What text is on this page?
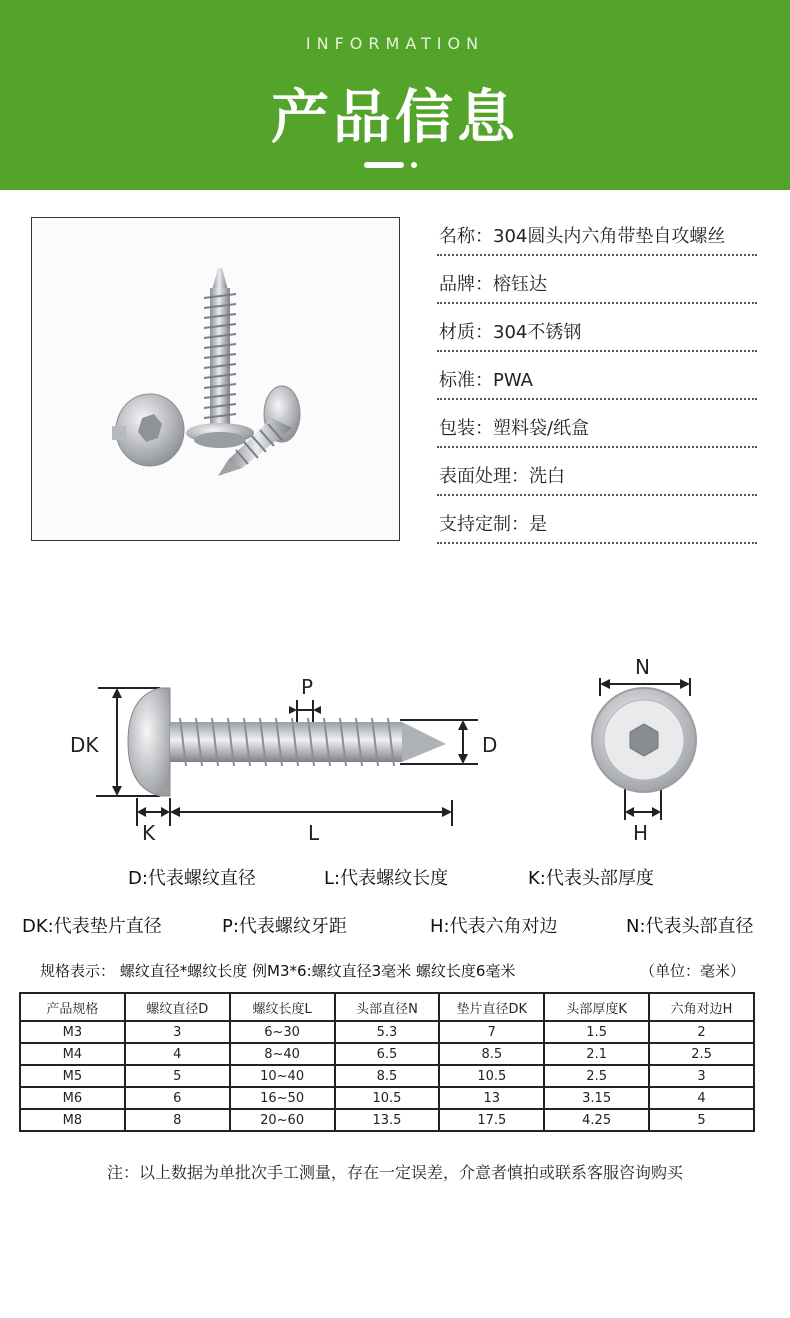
INFORMATION
产品信息
名称：304圆头内六角带垫自攻螺丝
品牌：榕钰达
材质：304不锈钢
标准：PWA
包装：塑料袋/纸盒
表面处理：洗白
支持定制：是
DK
P
D
K	L
N
H
D:代表螺纹直径	L:代表螺纹长度	K:代表头部厚度
DK:代表垫片直径	P:代表螺纹牙距	H:代表六角对边	N:代表头部直径
规格表示： 螺纹直径*螺纹长度 例M3*6:螺纹直径3毫米 螺纹长度6毫米	（单位：毫米）
产品规格	螺纹直径D	螺纹长度L	头部直径N	垫片直径DK	头部厚度K	六角对边H
M3	3	6~30	5.3	7	1.5	2
M4	4	8~40	6.5	8.5	2.1	2.5
M5	5	10~40	8.5	10.5	2.5	3
M6	6	16~50	10.5	13	3.15	4
M8	8	20~60	13.5	17.5	4.25	5
注：以上数据为单批次手工测量，存在一定误差，介意者慎拍或联系客服咨询购买
